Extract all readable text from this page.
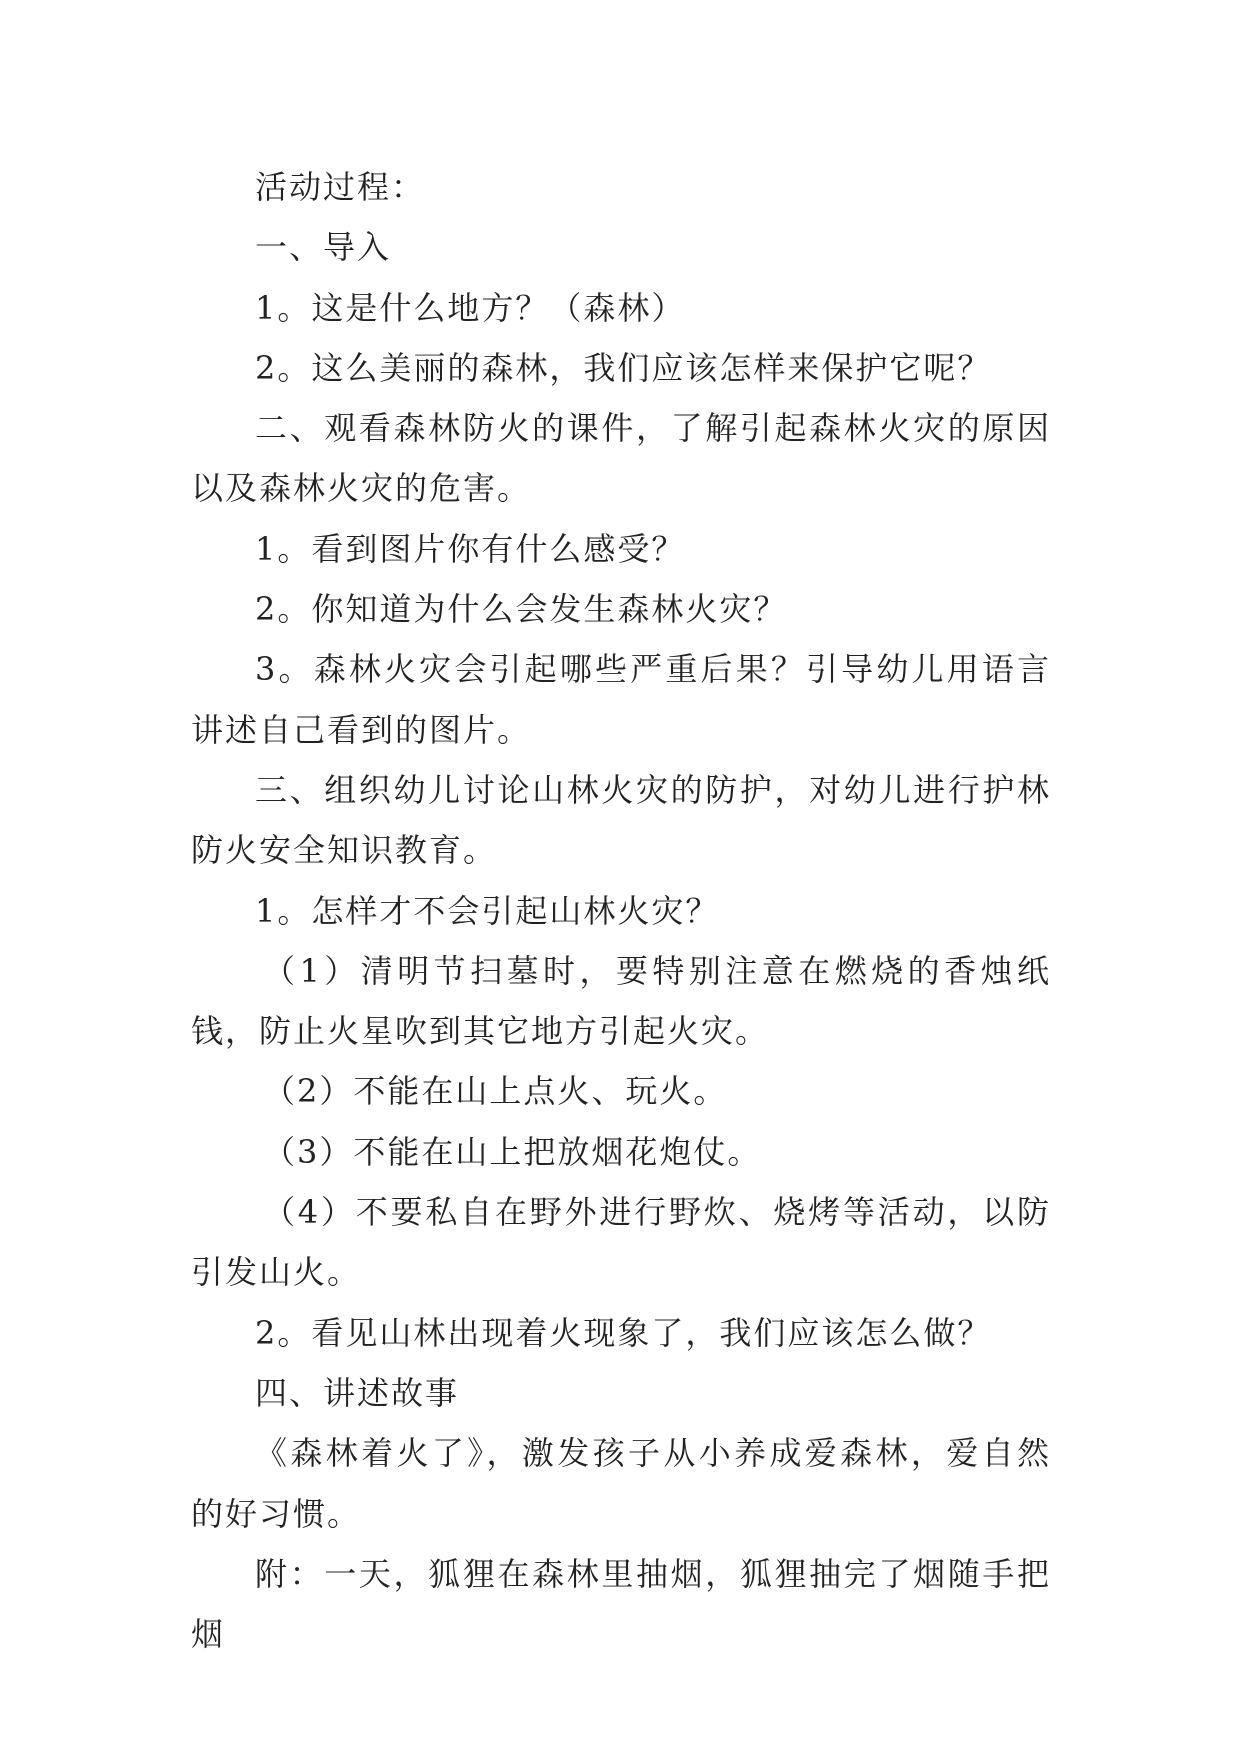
活动过程：

一、导入

1。这是什么地方？（森林）

2。这么美丽的森林，我们应该怎样来保护它呢？

二、观看森林防火的课件，了解引起森林火灾的原因以及森林火灾的危害。

1。看到图片你有什么感受？

2。你知道为什么会发生森林火灾？

3。森林火灾会引起哪些严重后果？引导幼儿用语言讲述自己看到的图片。

三、组织幼儿讨论山林火灾的防护，对幼儿进行护林防火安全知识教育。

1。怎样才不会引起山林火灾？

（1）清明节扫墓时，要特别注意在燃烧的香烛纸钱，防止火星吹到其它地方引起火灾。

（2）不能在山上点火、玩火。

（3）不能在山上把放烟花炮仗。

（4）不要私自在野外进行野炊、烧烤等活动，以防引发山火。

2。看见山林出现着火现象了，我们应该怎么做？

四、讲述故事

《森林着火了》，激发孩子从小养成爱森林，爱自然的好习惯。

附：一天，狐狸在森林里抽烟，狐狸抽完了烟随手把烟
